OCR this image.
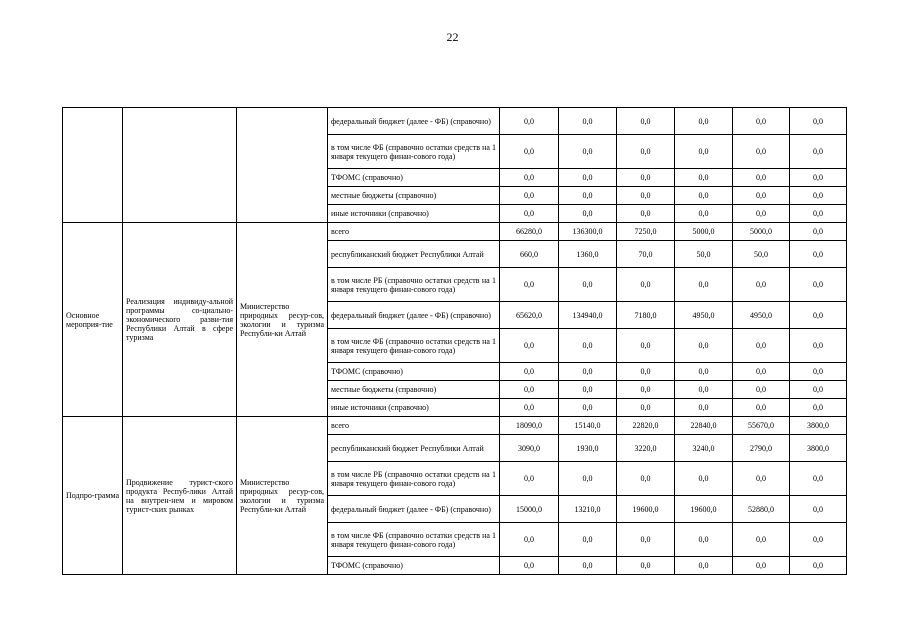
22
			федеральный бюджет (далее - ФБ) (справочно)	0,0	0,0	0,0	0,0	0,0	0,0
			в том числе ФБ (справочно остатки средств на 1 января текущего финан-сового года)	0,0	0,0	0,0	0,0	0,0	0,0
			ТФОМС (справочно)	0,0	0,0	0,0	0,0	0,0	0,0
			местные бюджеты (справочно)	0,0	0,0	0,0	0,0	0,0	0,0
			иные источники (справочно)	0,0	0,0	0,0	0,0	0,0	0,0
Основное мероприя-тие	Реализация индивиду-альной программы со-циально-экономического разви-тия Республики Алтай в сфере туризма	Министерство природных ресур-сов, экологии и туризма Республи-ки Алтай	всего	66280,0	136300,0	7250,0	5000,0	5000,0	0,0
			республиканский бюджет Республики Алтай	660,0	1360,0	70,0	50,0	50,0	0,0
			в том числе РБ (справочно остатки средств на 1 января текущего финан-сового года)	0,0	0,0	0,0	0,0	0,0	0,0
			федеральный бюджет (далее - ФБ) (справочно)	65620,0	134940,0	7180,0	4950,0	4950,0	0,0
			в том числе ФБ (справочно остатки средств на 1 января текущего финан-сового года)	0,0	0,0	0,0	0,0	0,0	0,0
			ТФОМС (справочно)	0,0	0,0	0,0	0,0	0,0	0,0
			местные бюджеты (справочно)	0,0	0,0	0,0	0,0	0,0	0,0
			иные источники (справочно)	0,0	0,0	0,0	0,0	0,0	0,0
Подпро-грамма	Продвижение турист-ского продукта Респуб-лики Алтай на внутрен-нем и мировом турист-ских рынках	Министерство природных ресур-сов, экологии и туризма Республи-ки Алтай	всего	18090,0	15140,0	22820,0	22840,0	55670,0	3800,0
			республиканский бюджет Республики Алтай	3090,0	1930,0	3220,0	3240,0	2790,0	3800,0
			в том числе РБ (справочно остатки средств на 1 января текущего финан-сового года)	0,0	0,0	0,0	0,0	0,0	0,0
			федеральный бюджет (далее - ФБ) (справочно)	15000,0	13210,0	19600,0	19600,0	52880,0	0,0
			в том числе ФБ (справочно остатки средств на 1 января текущего финан-сового года)	0,0	0,0	0,0	0,0	0,0	0,0
			ТФОМС (справочно)	0,0	0,0	0,0	0,0	0,0	0,0
